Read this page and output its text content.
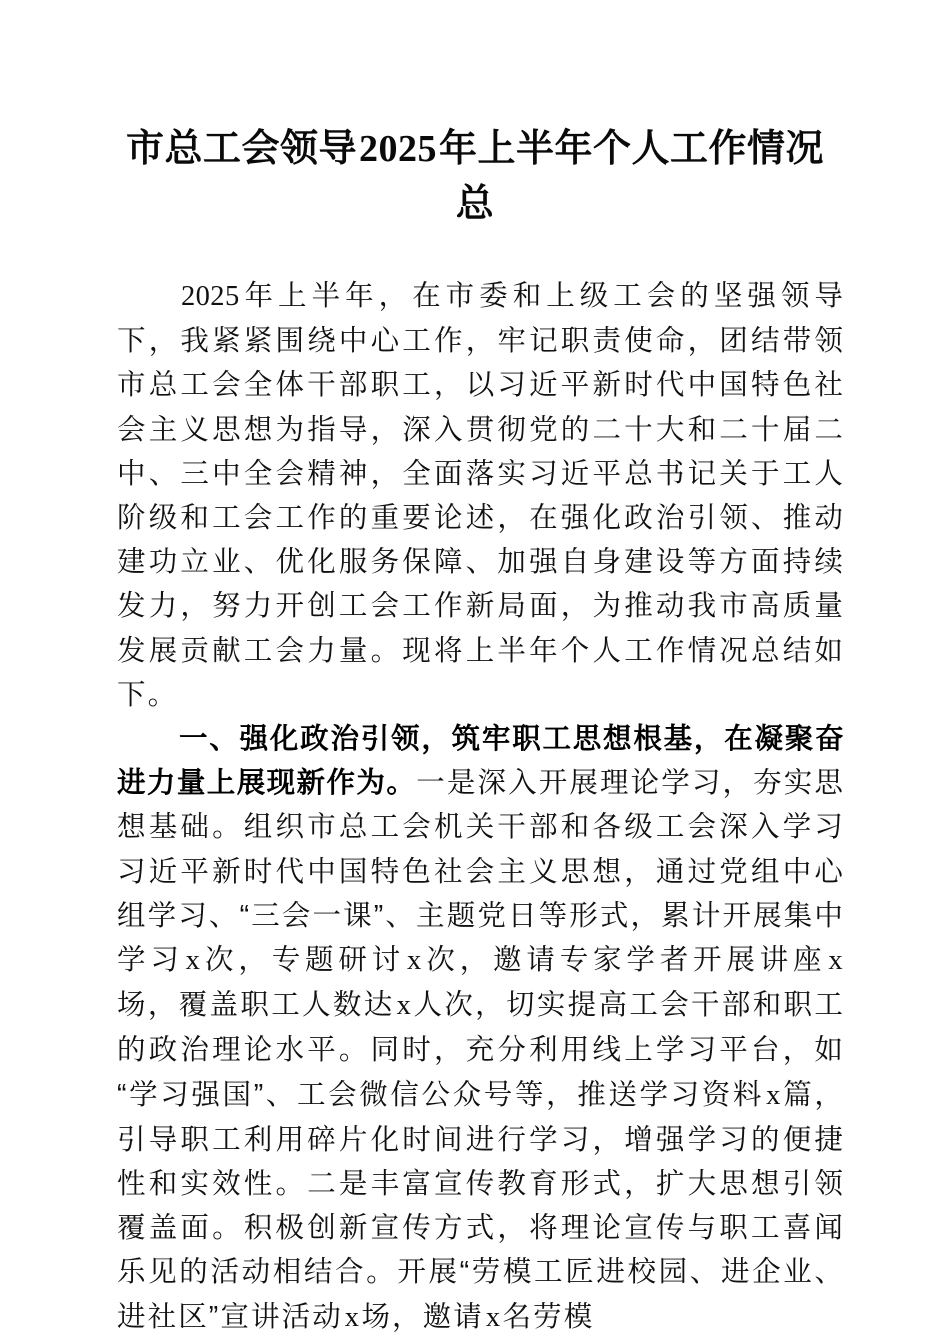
市总工会领导2025年上半年个人工作情况总

2025年上半年，在市委和上级工会的坚强领导下，我紧紧围绕中心工作，牢记职责使命，团结带领市总工会全体干部职工，以习近平新时代中国特色社会主义思想为指导，深入贯彻党的二十大和二十届二中、三中全会精神，全面落实习近平总书记关于工人阶级和工会工作的重要论述，在强化政治引领、推动建功立业、优化服务保障、加强自身建设等方面持续发力，努力开创工会工作新局面，为推动我市高质量发展贡献工会力量。现将上半年个人工作情况总结如下。

一、强化政治引领，筑牢职工思想根基，在凝聚奋进力量上展现新作为。一是深入开展理论学习，夯实思想基础。组织市总工会机关干部和各级工会深入学习习近平新时代中国特色社会主义思想，通过党组中心组学习、“三会一课”、主题党日等形式，累计开展集中学习x次，专题研讨x次，邀请专家学者开展讲座x场，覆盖职工人数达x人次，切实提高工会干部和职工的政治理论水平。同时，充分利用线上学习平台，如“学习强国”、工会微信公众号等，推送学习资料x篇，引导职工利用碎片化时间进行学习，增强学习的便捷性和实效性。二是丰富宣传教育形式，扩大思想引领覆盖面。积极创新宣传方式，将理论宣传与职工喜闻乐见的活动相结合。开展“劳模工匠进校园、进企业、进社区”宣讲活动x场，邀请x名劳模
